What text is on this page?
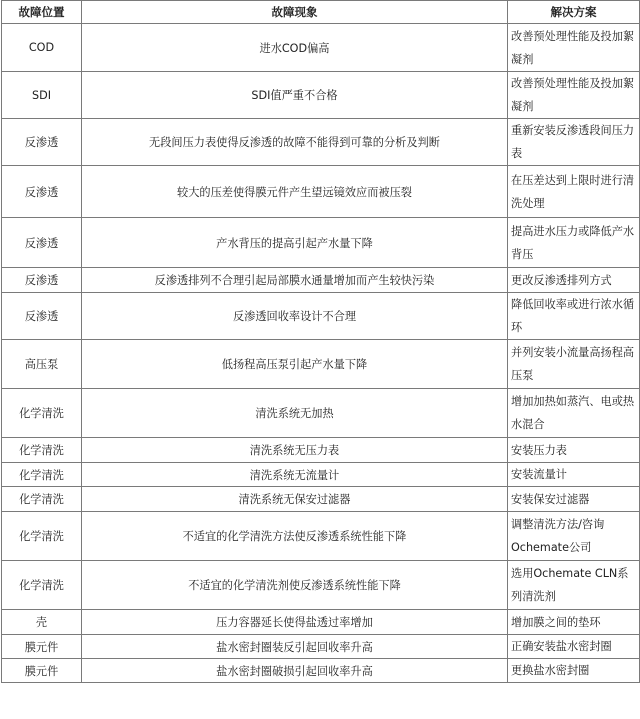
故障位置	故障现象	解决方案
COD	进水COD偏高	改善预处理性能及投加絮凝剂
SDI	SDI值严重不合格	改善预处理性能及投加絮凝剂
反渗透	无段间压力表使得反渗透的故障不能得到可靠的分析及判断	重新安装反渗透段间压力表
反渗透	较大的压差使得膜元件产生望远镜效应而被压裂	在压差达到上限时进行清洗处理
反渗透	产水背压的提高引起产水量下降	提高进水压力或降低产水背压
反渗透	反渗透排列不合理引起局部膜水通量增加而产生较快污染	更改反渗透排列方式
反渗透	反渗透回收率设计不合理	降低回收率或进行浓水循环
高压泵	低扬程高压泵引起产水量下降	并列安装小流量高扬程高压泵
化学清洗	清洗系统无加热	增加加热如蒸汽、电或热水混合
化学清洗	清洗系统无压力表	安装压力表
化学清洗	清洗系统无流量计	安装流量计
化学清洗	清洗系统无保安过滤器	安装保安过滤器
化学清洗	不适宜的化学清洗方法使反渗透系统性能下降	调整清洗方法/咨询Ochemate公司
化学清洗	不适宜的化学清洗剂使反渗透系统性能下降	选用Ochemate CLN系列清洗剂
壳	压力容器延长使得盐透过率增加	增加膜之间的垫环
膜元件	盐水密封圈装反引起回收率升高	正确安装盐水密封圈
膜元件	盐水密封圈破损引起回收率升高	更换盐水密封圈
